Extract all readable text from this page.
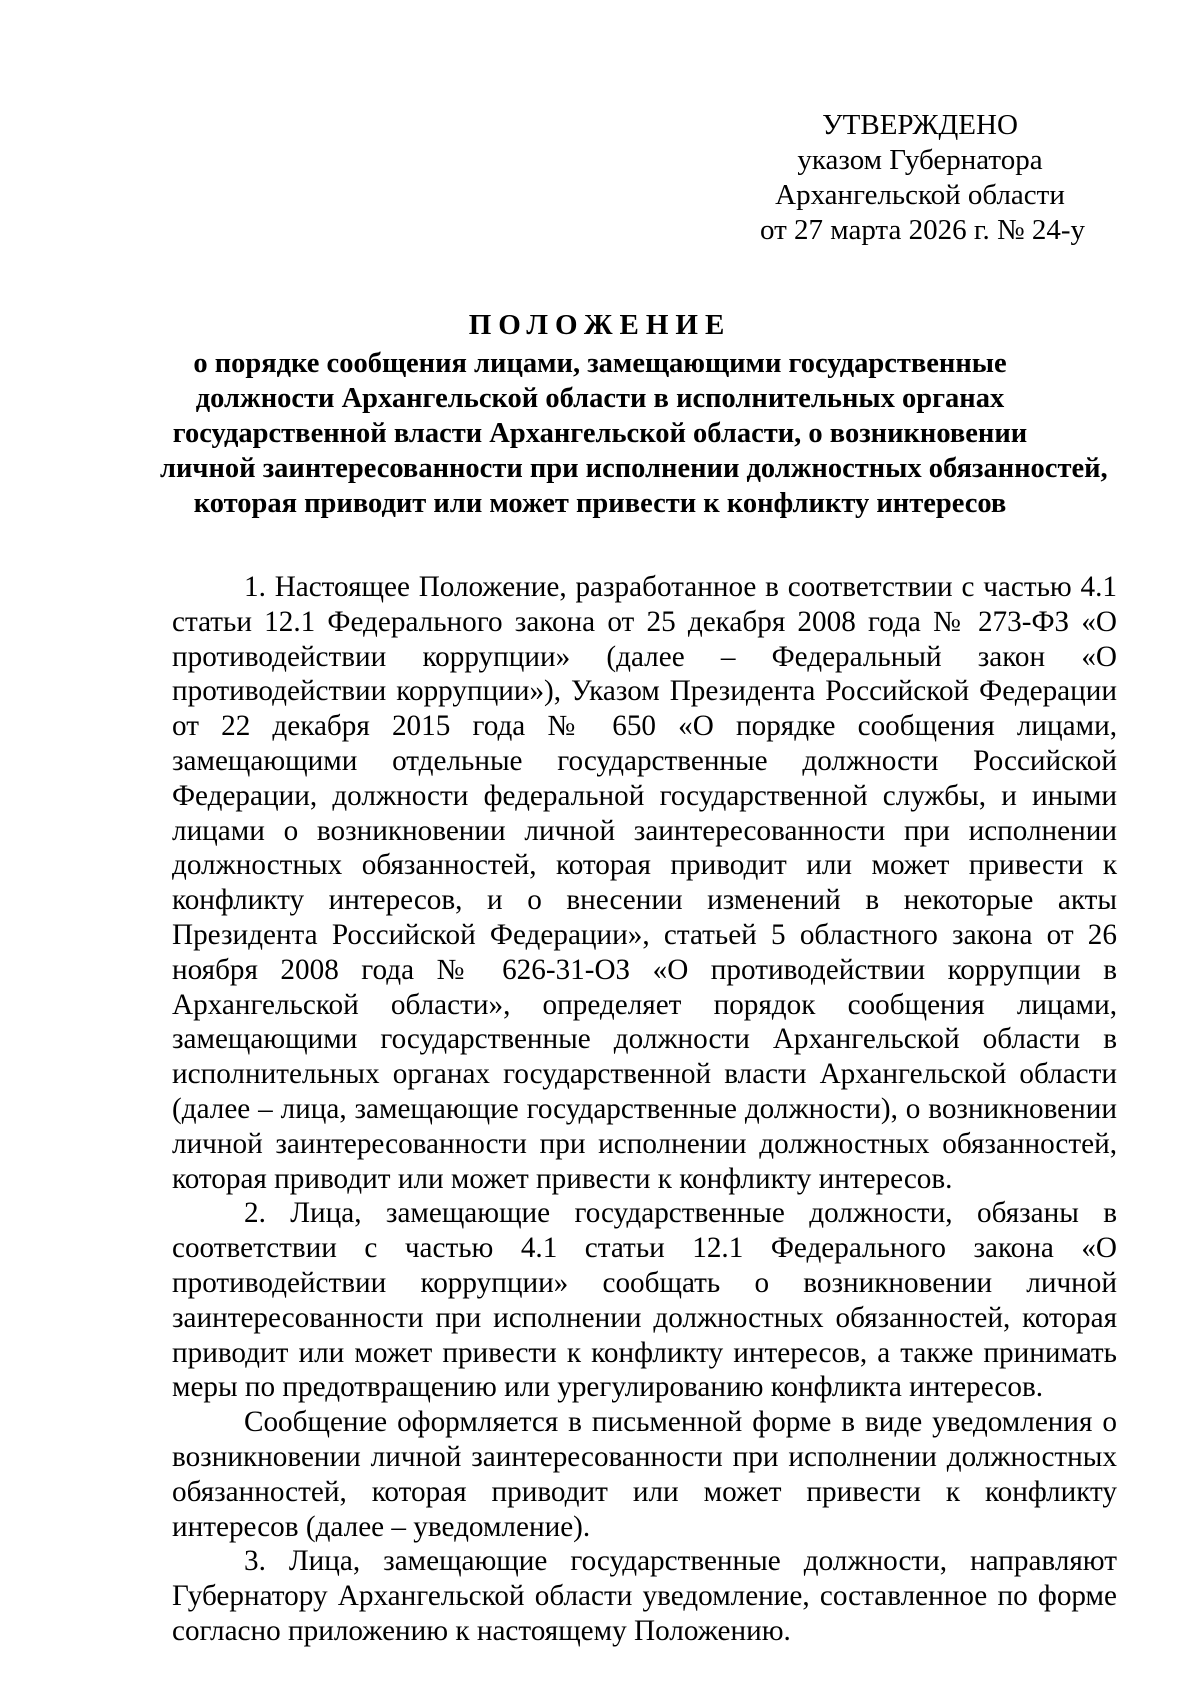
УТВЕРЖДЕНО
указом Губернатора
Архангельской области
от 27 марта 2026 г. № 24-у
ПОЛОЖЕНИЕ
о порядке сообщения лицами, замещающими государственные
должности Архангельской области в исполнительных органах
государственной власти Архангельской области, о возникновении
личной заинтересованности при исполнении должностных обязанностей,
которая приводит или может привести к конфликту интересов

1. Настоящее Положение, разработанное в соответствии с частью 4.1 статьи 12.1 Федерального закона от 25 декабря 2008 года № 273-ФЗ «О противодействии коррупции» (далее – Федеральный закон «О противодействии коррупции»), Указом Президента Российской Федерации от 22 декабря 2015 года № 650 «О порядке сообщения лицами, замещающими отдельные государственные должности Российской Федерации, должности федеральной государственной службы, и иными лицами о возникновении личной заинтересованности при исполнении должностных обязанностей, которая приводит или может привести к конфликту интересов, и о внесении изменений в некоторые акты Президента Российской Федерации», статьей 5 областного закона от 26 ноября 2008 года № 626-31-ОЗ «О противодействии коррупции в Архангельской области», определяет порядок сообщения лицами, замещающими государственные должности Архангельской области в исполнительных органах государственной власти Архангельской области (далее – лица, замещающие государственные должности), о возникновении личной заинтересованности при исполнении должностных обязанностей, которая приводит или может привести к конфликту интересов.

2. Лица, замещающие государственные должности, обязаны в соответствии с частью 4.1 статьи 12.1 Федерального закона «О противодействии коррупции» сообщать о возникновении личной заинтересованности при исполнении должностных обязанностей, которая приводит или может привести к конфликту интересов, а также принимать меры по предотвращению или урегулированию конфликта интересов.

Сообщение оформляется в письменной форме в виде уведомления о возникновении личной заинтересованности при исполнении должностных обязанностей, которая приводит или может привести к конфликту интересов (далее – уведомление).

3. Лица, замещающие государственные должности, направляют Губернатору Архангельской области уведомление, составленное по форме согласно приложению к настоящему Положению.
